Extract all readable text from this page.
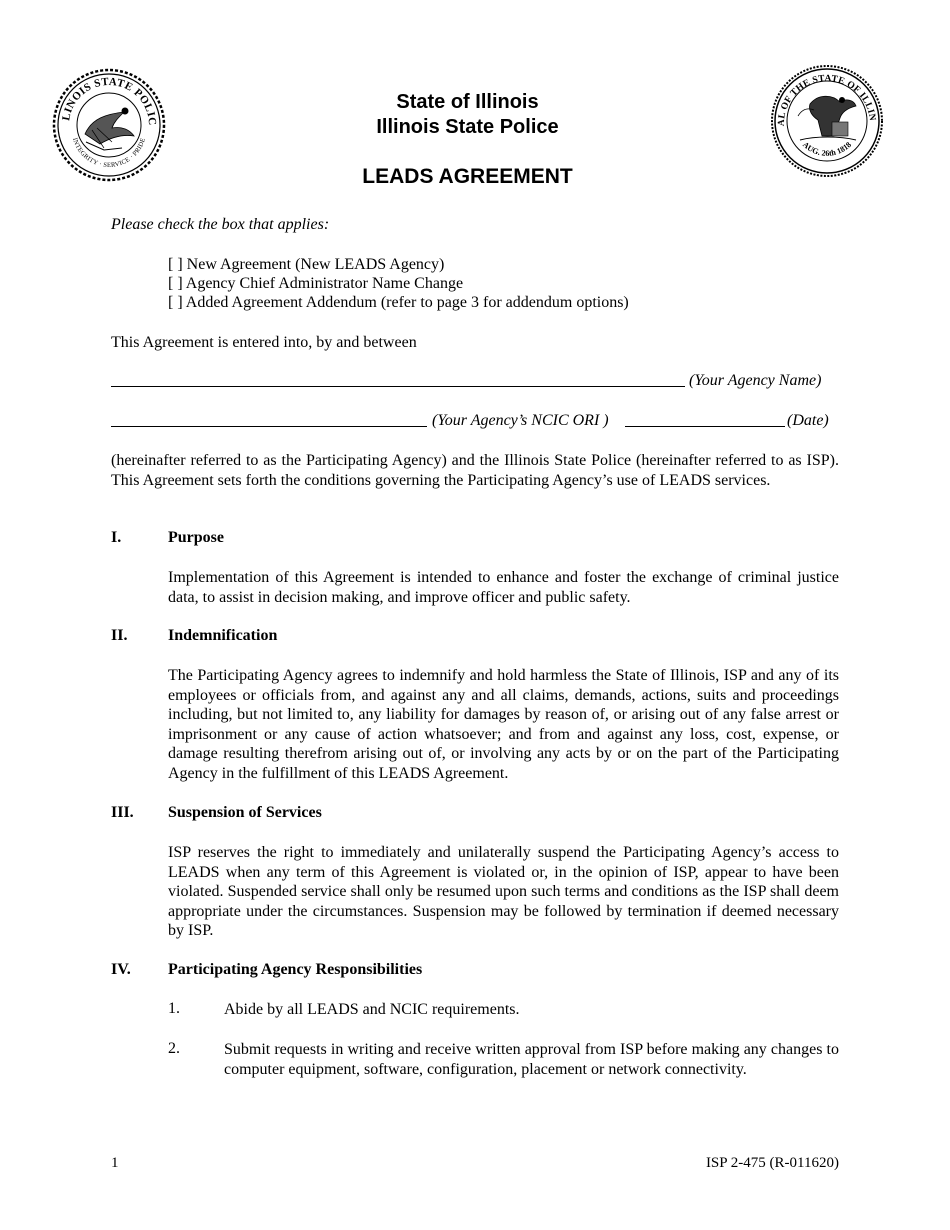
LINOIS STATE POLIC
INTEGRITY · SERVICE · PRIDE
AL OF THE STATE OF ILLIN
AUG. 26th 1818
State of Illinois
Illinois State Police
LEADS AGREEMENT
Please check the box that applies:
[ ] New Agreement (New LEADS Agency)
[ ] Agency Chief Administrator Name Change
[ ] Added Agreement Addendum (refer to page 3 for addendum options)
This Agreement is entered into, by and between
(Your Agency Name)
(Your Agency’s NCIC ORI )	(Date)
(hereinafter referred to as the Participating Agency) and the Illinois State Police (hereinafter referred to as ISP). This Agreement sets forth the conditions governing the Participating Agency’s use of LEADS services.
I.	Purpose
Implementation of this Agreement is intended to enhance and foster the exchange of criminal justice data, to assist in decision making, and improve officer and public safety.
II.	Indemnification
The Participating Agency agrees to indemnify and hold harmless the State of Illinois, ISP and any of its employees or officials from, and against any and all claims, demands, actions, suits and proceedings including, but not limited to, any liability for damages by reason of, or arising out of any false arrest or imprisonment or any cause of action whatsoever; and from and against any loss, cost, expense, or damage resulting therefrom arising out of, or involving any acts by or on the part of the Participating Agency in the fulfillment of this LEADS Agreement.
III. Suspension of Services
ISP reserves the right to immediately and unilaterally suspend the Participating Agency’s access to LEADS when any term of this Agreement is violated or, in the opinion of ISP, appear to have been violated. Suspended service shall only be resumed upon such terms and conditions as the ISP shall deem appropriate under the circumstances. Suspension may be followed by termination if deemed necessary by ISP.
IV. Participating Agency Responsibilities
1.	Abide by all LEADS and NCIC requirements.
2.	Submit requests in writing and receive written approval from ISP before making any changes to computer equipment, software, configuration, placement or network connectivity.
1	ISP 2-475 (R-011620)
